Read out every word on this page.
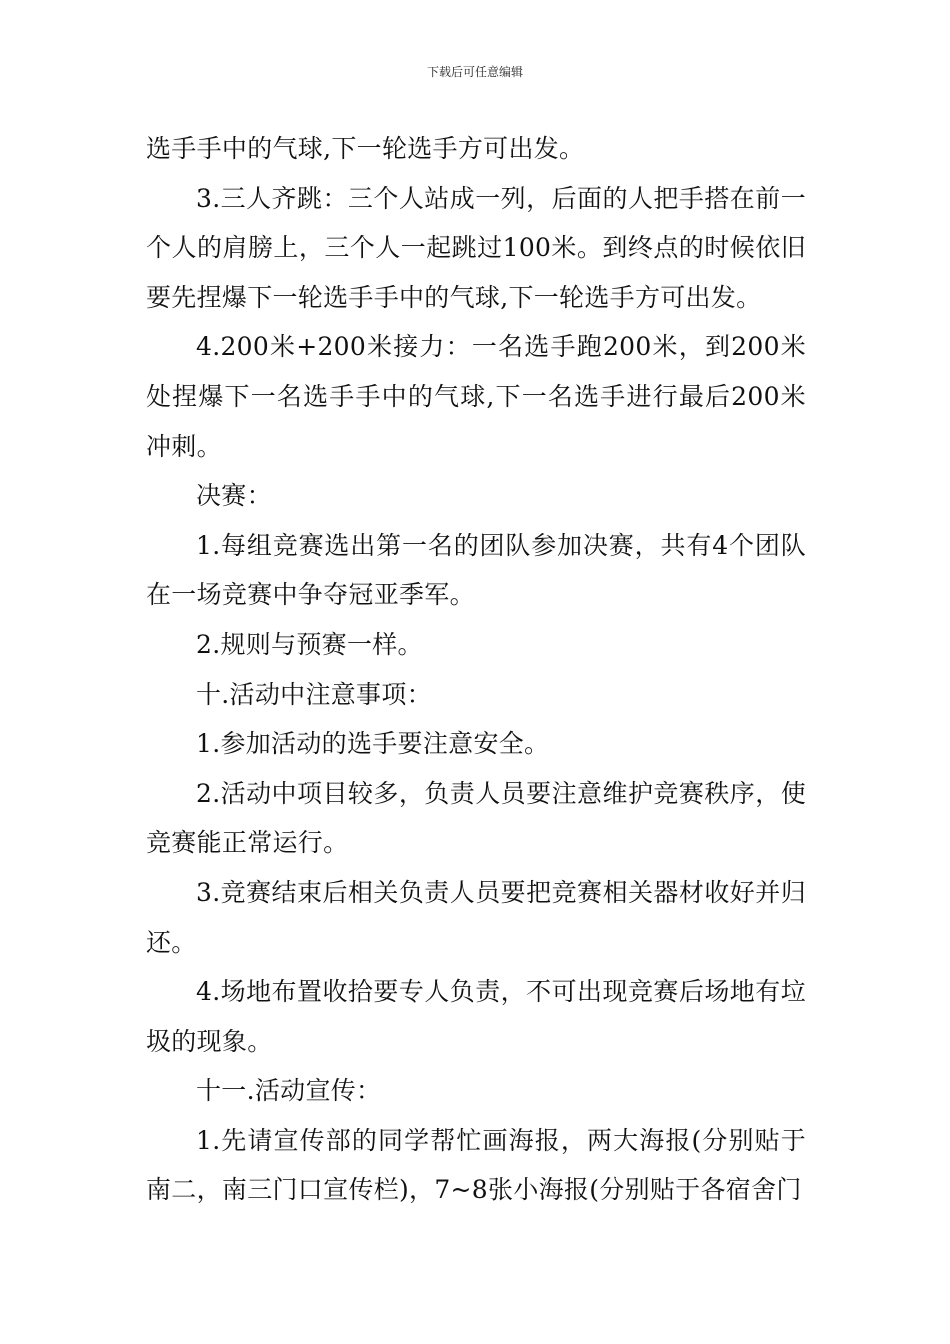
下载后可任意编辑

选手手中的气球,下一轮选手方可出发。

3.三人齐跳：三个人站成一列，后面的人把手搭在前一个人的肩膀上，三个人一起跳过100米。到终点的时候依旧要先捏爆下一轮选手手中的气球,下一轮选手方可出发。

4.200米+200米接力：一名选手跑200米，到200米处捏爆下一名选手手中的气球,下一名选手进行最后200米冲刺。

决赛：

1.每组竞赛选出第一名的团队参加决赛，共有4个团队在一场竞赛中争夺冠亚季军。

2.规则与预赛一样。

十.活动中注意事项：

1.参加活动的选手要注意安全。

2.活动中项目较多，负责人员要注意维护竞赛秩序，使竞赛能正常运行。

3.竞赛结束后相关负责人员要把竞赛相关器材收好并归还。

4.场地布置收拾要专人负责，不可出现竞赛后场地有垃圾的现象。

十一.活动宣传：

1.先请宣传部的同学帮忙画海报，两大海报(分别贴于南二，南三门口宣传栏)，7~8张小海报(分别贴于各宿舍门
